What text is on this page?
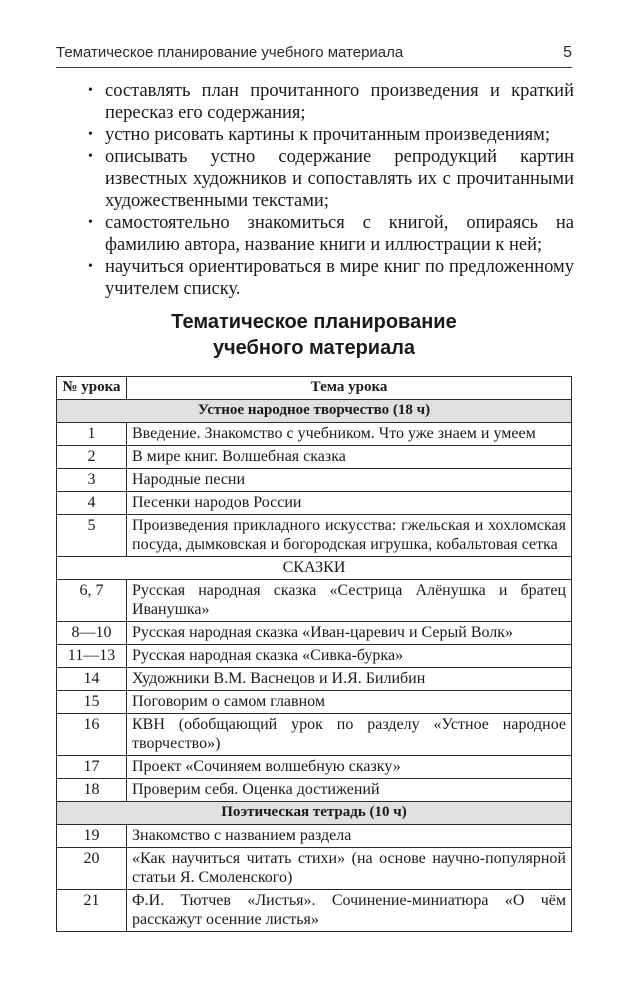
Тематическое планирование учебного материала	5
• составлять план прочитанного произведения и краткий пересказ его содержания;
• устно рисовать картины к прочитанным произведениям;
• описывать устно содержание репродукций картин известных художников и сопоставлять их с прочитанными художественными текстами;
• самостоятельно знакомиться с книгой, опираясь на фамилию автора, название книги и иллюстрации к ней;
• научиться ориентироваться в мире книг по предложенному учителем списку.
Тематическое планирование
учебного материала
№ урока	Тема урока
Устное народное творчество (18 ч)	
1	Введение. Знакомство с учебником. Что уже знаем и умеем
2	В мире книг. Волшебная сказка
3	Народные песни
4	Песенки народов России
5	Произведения прикладного искусства: гжельская и хохломская посуда, дымковская и богородская игрушка, кобальтовая сетка
СКАЗКИ	
6, 7	Русская народная сказка «Сестрица Алёнушка и братец Иванушка»
8—10	Русская народная сказка «Иван-царевич и Серый Волк»
11—13	Русская народная сказка «Сивка-бурка»
14	Художники В.М. Васнецов и И.Я. Билибин
15	Поговорим о самом главном
16	КВН (обобщающий урок по разделу «Устное народное творчество»)
17	Проект «Сочиняем волшебную сказку»
18	Проверим себя. Оценка достижений
Поэтическая тетрадь (10 ч)	
19	Знакомство с названием раздела
20	«Как научиться читать стихи» (на основе научно-популярной статьи Я. Смоленского)
21	Ф.И. Тютчев «Листья». Сочинение-миниатюра «О чём расскажут осенние листья»
